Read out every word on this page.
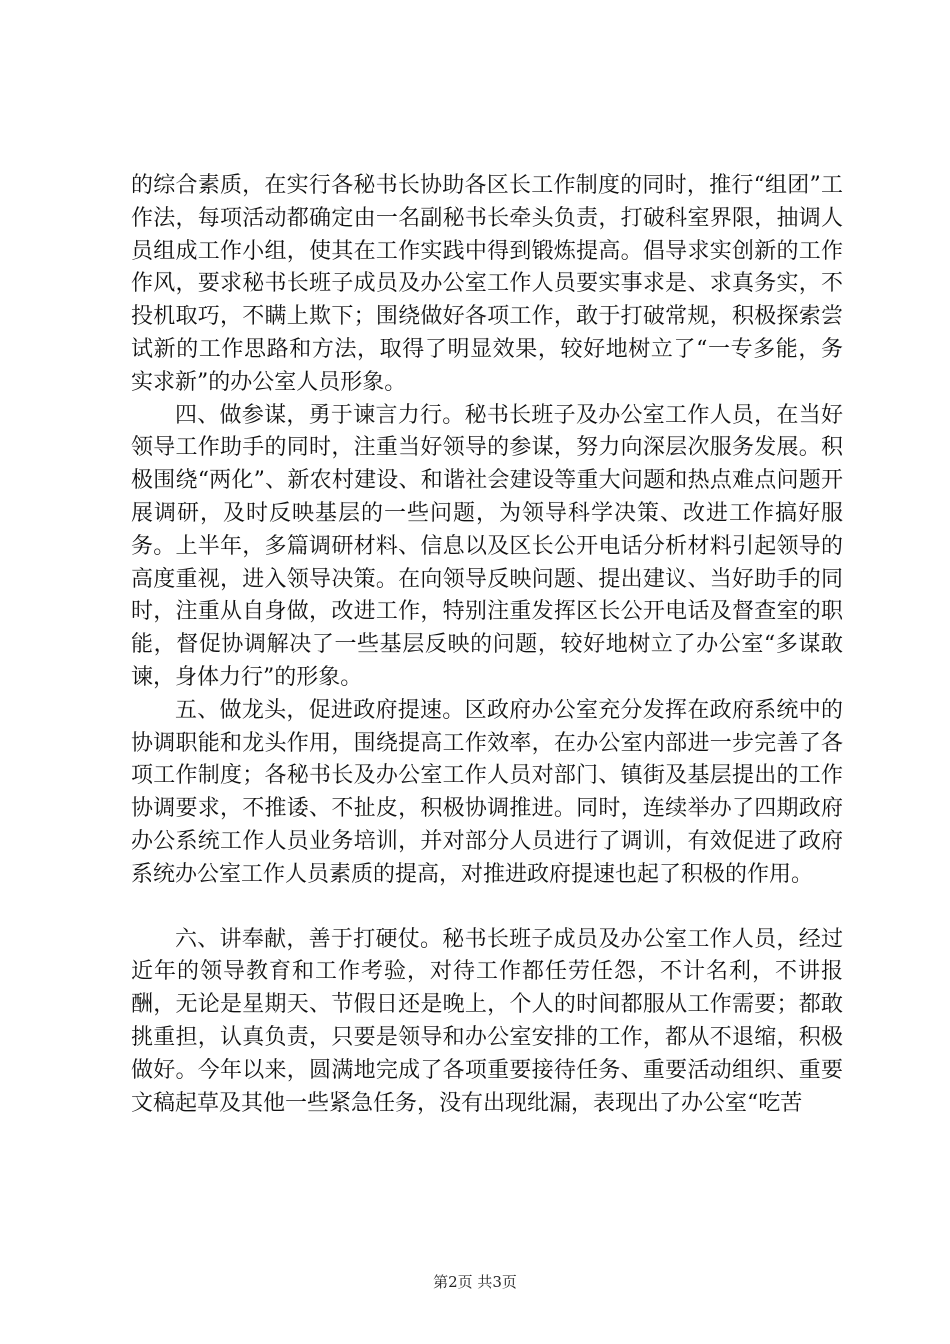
的综合素质，在实行各秘书长协助各区长工作制度的同时，推行“组团”工作法，每项活动都确定由一名副秘书长牵头负责，打破科室界限，抽调人员组成工作小组，使其在工作实践中得到锻炼提高。倡导求实创新的工作作风，要求秘书长班子成员及办公室工作人员要实事求是、求真务实，不投机取巧，不瞒上欺下；围绕做好各项工作，敢于打破常规，积极探索尝试新的工作思路和方法，取得了明显效果，较好地树立了“一专多能，务实求新”的办公室人员形象。

四、做参谋，勇于谏言力行。秘书长班子及办公室工作人员，在当好领导工作助手的同时，注重当好领导的参谋，努力向深层次服务发展。积极围绕“两化”、新农村建设、和谐社会建设等重大问题和热点难点问题开展调研，及时反映基层的一些问题，为领导科学决策、改进工作搞好服务。上半年，多篇调研材料、信息以及区长公开电话分析材料引起领导的高度重视，进入领导决策。在向领导反映问题、提出建议、当好助手的同时，注重从自身做，改进工作，特别注重发挥区长公开电话及督查室的职能，督促协调解决了一些基层反映的问题，较好地树立了办公室“多谋敢谏，身体力行”的形象。

五、做龙头，促进政府提速。区政府办公室充分发挥在政府系统中的协调职能和龙头作用，围绕提高工作效率，在办公室内部进一步完善了各项工作制度；各秘书长及办公室工作人员对部门、镇街及基层提出的工作协调要求，不推诿、不扯皮，积极协调推进。同时，连续举办了四期政府办公系统工作人员业务培训，并对部分人员进行了调训，有效促进了政府系统办公室工作人员素质的提高，对推进政府提速也起了积极的作用。

六、讲奉献，善于打硬仗。秘书长班子成员及办公室工作人员，经过近年的领导教育和工作考验，对待工作都任劳任怨，不计名利，不讲报酬，无论是星期天、节假日还是晚上，个人的时间都服从工作需要；都敢挑重担，认真负责，只要是领导和办公室安排的工作，都从不退缩，积极做好。今年以来，圆满地完成了各项重要接待任务、重要活动组织、重要文稿起草及其他一些紧急任务，没有出现纰漏，表现出了办公室“吃苦

第2页 共3页
